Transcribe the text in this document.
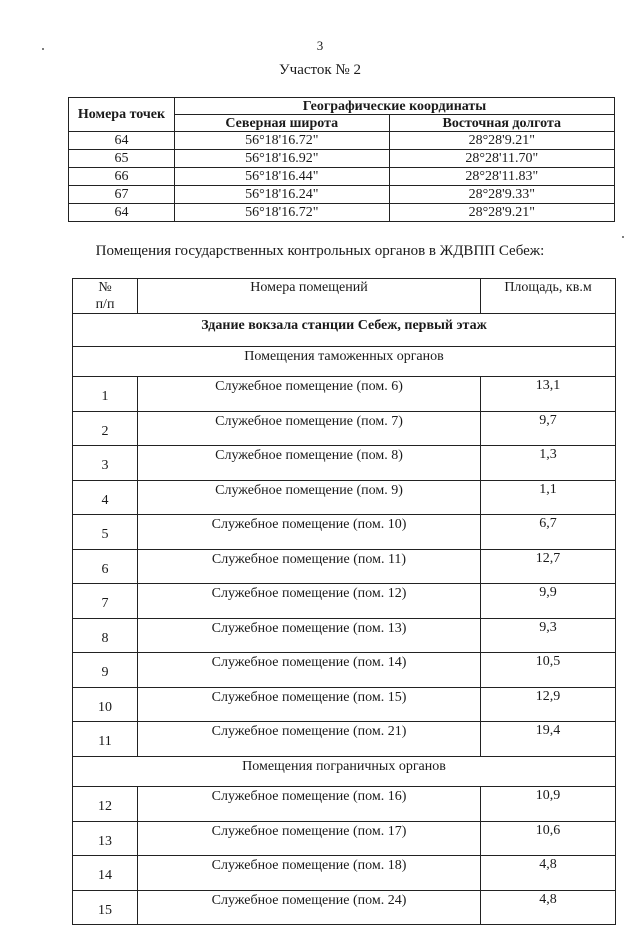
3
Участок № 2
Номера точек	Географические координаты	
	Северная широта	Восточная долгота
64	56°18'16.72"	28°28'9.21"
65	56°18'16.92"	28°28'11.70"
66	56°18'16.44"	28°28'11.83"
67	56°18'16.24"	28°28'9.33"
64	56°18'16.72"	28°28'9.21"
Помещения государственных контрольных органов в ЖДВПП Себеж:
№
п/п	Номера помещений	Площадь, кв.м
Здание вокзала станции Себеж, первый этаж		
Помещения таможенных органов		
1	Служебное помещение (пом. 6)	13,1
2	Служебное помещение (пом. 7)	9,7
3	Служебное помещение (пом. 8)	1,3
4	Служебное помещение (пом. 9)	1,1
5	Служебное помещение (пом. 10)	6,7
6	Служебное помещение (пом. 11)	12,7
7	Служебное помещение (пом. 12)	9,9
8	Служебное помещение (пом. 13)	9,3
9	Служебное помещение (пом. 14)	10,5
10	Служебное помещение (пом. 15)	12,9
11	Служебное помещение (пом. 21)	19,4
Помещения пограничных органов		
12	Служебное помещение (пом. 16)	10,9
13	Служебное помещение (пом. 17)	10,6
14	Служебное помещение (пом. 18)	4,8
15	Служебное помещение (пом. 24)	4,8
